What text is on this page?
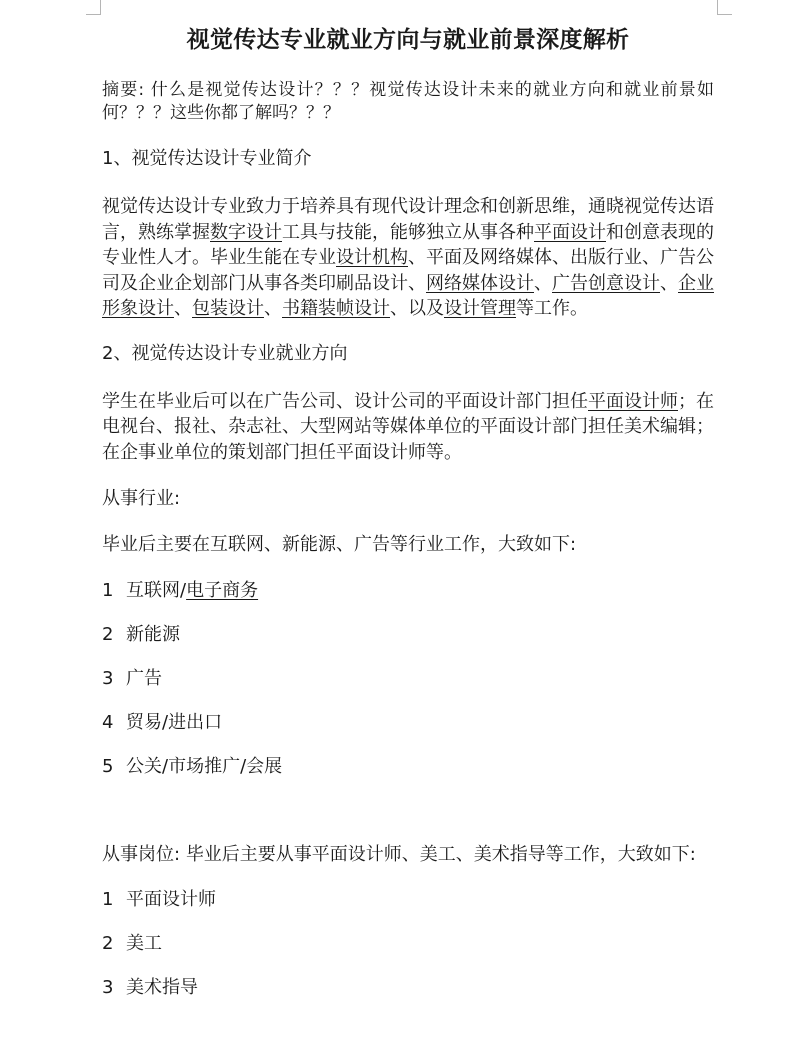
视觉传达专业就业方向与就业前景深度解析

摘要: 什么是视觉传达设计？？？视觉传达设计未来的就业方向和就业前景如何？？？这些你都了解吗？？？

1、视觉传达设计专业简介

视觉传达设计专业致力于培养具有现代设计理念和创新思维，通晓视觉传达语言，熟练掌握数字设计工具与技能，能够独立从事各种平面设计和创意表现的专业性人才。毕业生能在专业设计机构、平面及网络媒体、出版行业、广告公司及企业企划部门从事各类印刷品设计、网络媒体设计、广告创意设计、企业形象设计、包装设计、书籍装帧设计、以及设计管理等工作。

2、视觉传达设计专业就业方向

学生在毕业后可以在广告公司、设计公司的平面设计部门担任平面设计师；在电视台、报社、杂志社、大型网站等媒体单位的平面设计部门担任美术编辑；在企事业单位的策划部门担任平面设计师等。

从事行业:

毕业后主要在互联网、新能源、广告等行业工作，大致如下:

1 互联网/电子商务
2 新能源
3 广告
4 贸易/进出口
5 公关/市场推广/会展

从事岗位: 毕业后主要从事平面设计师、美工、美术指导等工作，大致如下:

1 平面设计师
2 美工
3 美术指导
